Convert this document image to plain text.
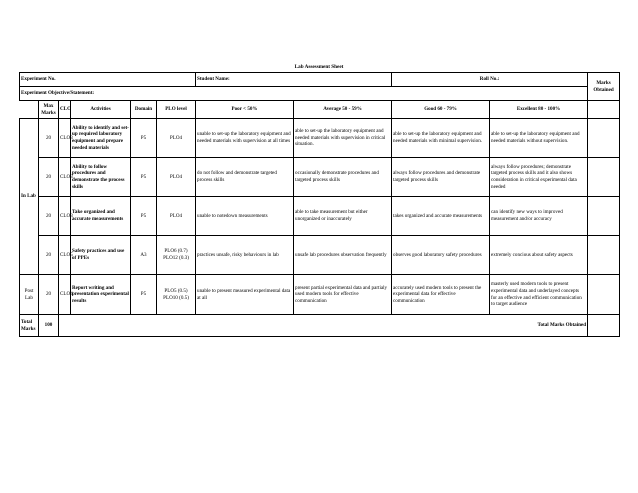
Lab Assessment Sheet
Experiment No.						Student Name:		Roll No.:		Marks Obtained
Experiment Objective/Statement:										
	Max Marks	CLO	Activities	Domain	PLO level	Poor < 50%	Average 50 - 59%	Good 60 - 79%	Excellent 80 - 100%	
In Lab	20	CLO3	Ability to identify and set-up required laboratory equipment and prepare needed materials	P5	PLO4	unable to set-up the laboratory equipment and needed materials with supervision at all times	able to set-up the laboratory equipment and needed materials with supervision in critical situation.	able to set-up the laboratory equipment and needed materials with minimal supervision.	able to set-up the laboratory equipment and needed materials without supervision.	
	20	CLO3	Ability to follow procedures and demonstrate the process skills	P5	PLO4	do not follow and demonstrate targeted process skills	occasionally demonstrate procedures and targeted process skills	always follow procedures and demonstrate targeted process skills	always follow procedures; demonstrate targeted process skills and it also shows consideration in critical experimental data needed	
	20	CLO3	Take organized and accurate measurements	P5	PLO4	unable to notedown measurements	able to take measurement but either unorganized or inaccurately	takes organized and accurate measurements	can identify new ways to improved measurement and/or accuracy	
	20	CLO5	Safety practices and use of PPEs	A3	PLO6 (0.7) PLO12 (0.3)	practices unsafe, risky behaviours in lab	unsafe lab procedures observation frequently	observes good laboratory safety procedures	extremely concious about safety aspects	
Post Lab	20	CLO4	Report writing and presentation experimental results	P5	PLO5 (0.5) PLO10 (0.5)	unable to present measured experimental data at all	present partial experimental data and partialy used modern tools for effective communication	accurately used modern tools to present the experimental data for effective communication	masterly used modern tools to present experimental data and underlayed concepts for an effective and efficient communication to target audience	
Total Marks	100	Total Marks Obtained								
